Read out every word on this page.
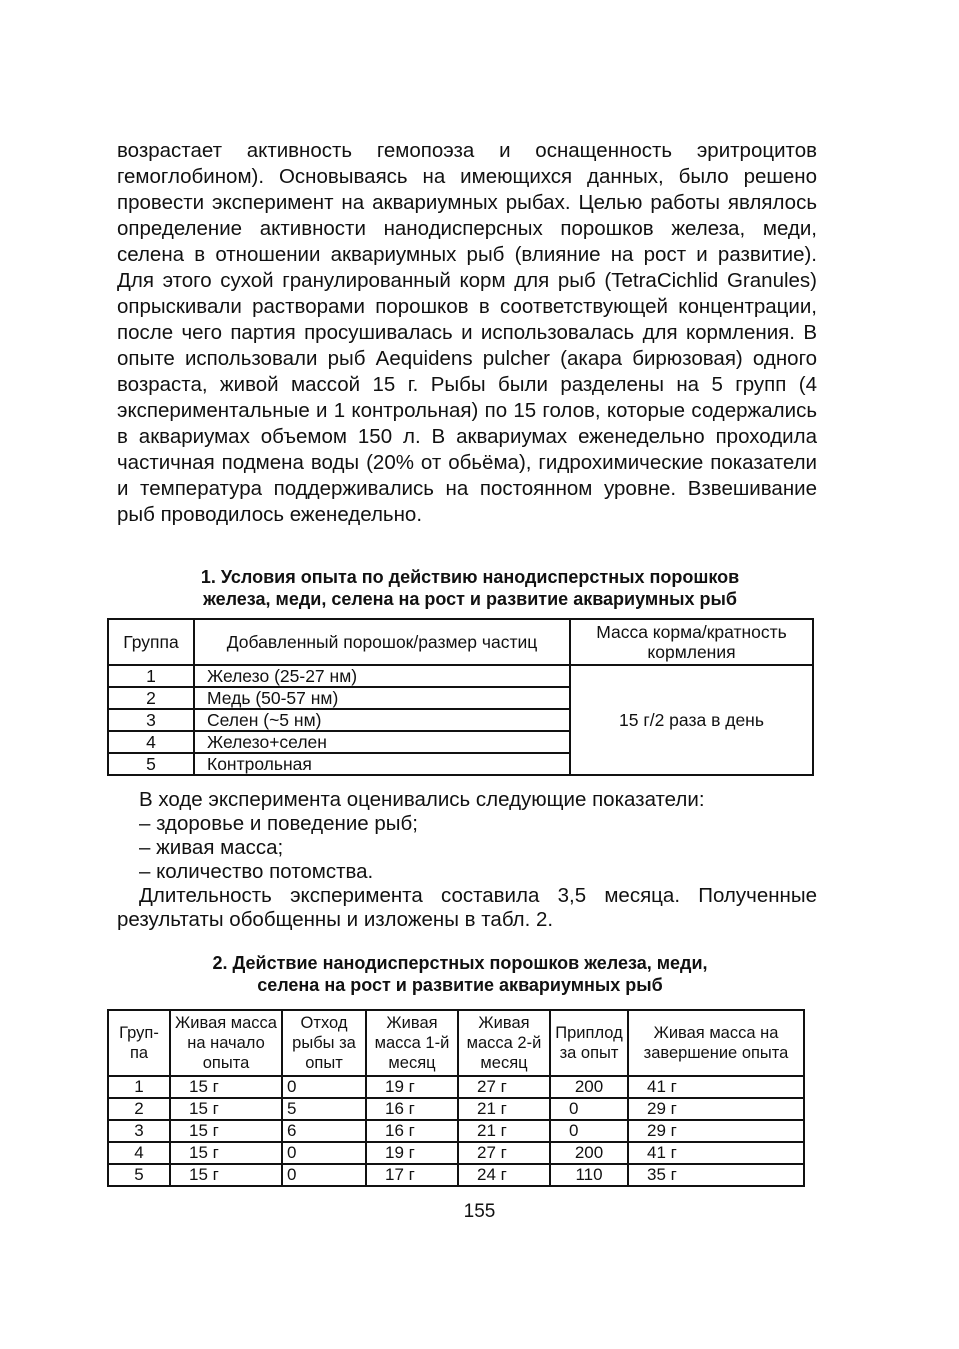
возрастает активность гемопоэза и оснащенность эритроцитов гемоглобином). Основываясь на имеющихся данных, было решено провести эксперимент на аквариумных рыбах. Целью работы являлось определение активности нанодисперсных порошков железа, меди, селена в отношении аквариумных рыб (влияние на рост и развитие). Для этого сухой гранулированный корм для рыб (TetraCichlid Granules) опрыскивали растворами порошков в соответствующей концентрации, после чего партия просушивалась и использовалась для кормления. В опыте использовали рыб Aequidens pulcher (акара бирюзовая) одного возраста, живой массой 15 г. Рыбы были разделены на 5 групп (4 экспериментальные и 1 контрольная) по 15 голов, которые содержались в аквариумах объемом 150 л. В аквариумах еженедельно проходила частичная подмена воды (20% от обьёма), гидрохимические показатели и температура поддерживались на постоянном уровне. Взвешивание рыб проводилось еженедельно.

1. Условия опыта по действию нанодисперстных порошков
железа, меди, селена на рост и развитие аквариумных рыб

Группа	Добавленный порошок/размер частиц	Масса корма/кратность кормления
1	Железо (25-27 нм)	15 г/2 раза в день
2	Медь (50-57 нм)	
3	Селен (~5 нм)	
4	Железо+селен	
5	Контрольная	
В ходе эксперимента оценивались следующие показатели:
– здоровье и поведение рыб;
– живая масса;
– количество потомства.
Длительность эксперимента составила 3,5 месяца. Полученные результаты обобщенны и изложены в табл. 2.

2. Действие нанодисперстных порошков железа, меди,
селена на рост и развитие аквариумных рыб

Груп-па	Живая масса на начало опыта	Отход рыбы за опыт	Живая масса 1-й месяц	Живая масса 2-й месяц	Приплод за опыт	Живая масса на завершение опыта
1	15 г	0	19 г	27 г	200	41 г
2	15 г	5	16 г	21 г	0	29 г
3	15 г	6	16 г	21 г	0	29 г
4	15 г	0	19 г	27 г	200	41 г
5	15 г	0	17 г	24 г	110	35 г
155
